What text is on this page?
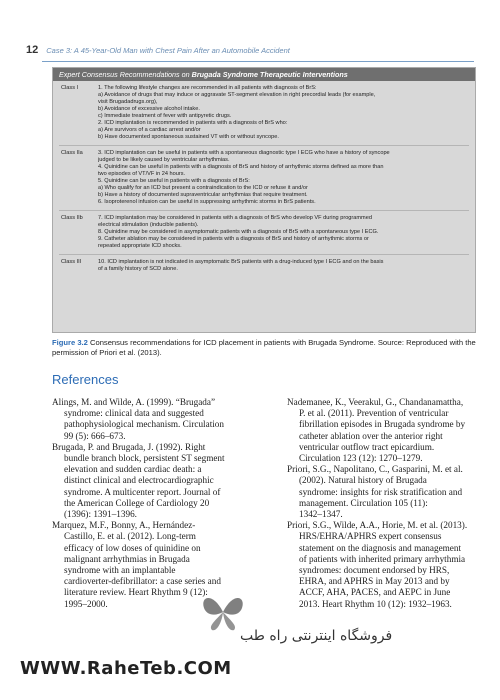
12 Case 3: A 45-Year-Old Man with Chest Pain After an Automobile Accident
Expert Consensus Recommendations on Brugada Syndrome Therapeutic Interventions
Class I	1. The following lifestyle changes are recommended in all patients with diagnosis of BrS:
a) Avoidance of drugs that may induce or aggravate ST-segment elevation in right precordial leads (for example,
visit Brugadadrugs.org),
b) Avoidance of excessive alcohol intake.
c) Immediate treatment of fever with antipyretic drugs.
2. ICD implantation is recommended in patients with a diagnosis of BrS who:
a) Are survivors of a cardiac arrest and/or
b) Have documented spontaneous sustained VT with or without syncope.
Class IIa	3. ICD implantation can be useful in patients with a spontaneous diagnostic type I ECG who have a history of syncope
judged to be likely caused by ventricular arrhythmias.
4. Quinidine can be useful in patients with a diagnosis of BrS and history of arrhythmic storms defined as more than
two episodes of VT/VF in 24 hours.
5. Quinidine can be useful in patients with a diagnosis of BrS:
a) Who qualify for an ICD but present a contraindication to the ICD or refuse it and/or
b) Have a history of documented supraventricular arrhythmias that require treatment.
6. Isoproterenol infusion can be useful in suppressing arrhythmic storms in BrS patients.
Class IIb	7. ICD implantation may be considered in patients with a diagnosis of BrS who develop VF during programmed
electrical stimulation (inducible patients).
8. Quinidine may be considered in asymptomatic patients with a diagnosis of BrS with a spontaneous type I ECG.
9. Catheter ablation may be considered in patients with a diagnosis of BrS and history of arrhythmic storms or
repeated appropriate ICD shocks.
Class III	10. ICD implantation is not indicated in asymptomatic BrS patients with a drug-induced type I ECG and on the basis
of a family history of SCD alone.
Figure 3.2 Consensus recommendations for ICD placement in patients with Brugada Syndrome. Source: Reproduced with the permission of Priori et al. (2013).
References
Alings, M. and Wilde, A. (1999). “Brugada”
syndrome: clinical data and suggested
pathophysiological mechanism. Circulation
99 (5): 666–673.
Brugada, P. and Brugada, J. (1992). Right
bundle branch block, persistent ST segment
elevation and sudden cardiac death: a
distinct clinical and electrocardiographic
syndrome. A multicenter report. Journal of
the American College of Cardiology 20
(1396): 1391–1396.
Marquez, M.F., Bonny, A., Hernández-
Castillo, E. et al. (2012). Long-term
efficacy of low doses of quinidine on
malignant arrhythmias in Brugada
syndrome with an implantable
cardioverter-defibrillator: a case series and
literature review. Heart Rhythm 9 (12):
1995–2000.
Nademanee, K., Veerakul, G., Chandanamattha,
P. et al. (2011). Prevention of ventricular
fibrillation episodes in Brugada syndrome by
catheter ablation over the anterior right
ventricular outflow tract epicardium.
Circulation 123 (12): 1270–1279.
Priori, S.G., Napolitano, C., Gasparini, M. et al.
(2002). Natural history of Brugada
syndrome: insights for risk stratification and
management. Circulation 105 (11):
1342–1347.
Priori, S.G., Wilde, A.A., Horie, M. et al. (2013).
HRS/EHRA/APHRS expert consensus
statement on the diagnosis and management
of patients with inherited primary arrhythmia
syndromes: document endorsed by HRS,
EHRA, and APHRS in May 2013 and by
ACCF, AHA, PACES, and AEPC in June
2013. Heart Rhythm 10 (12): 1932–1963.
فروشگاه اینترنتی راه طب
WWW.RaheTeb.COM
